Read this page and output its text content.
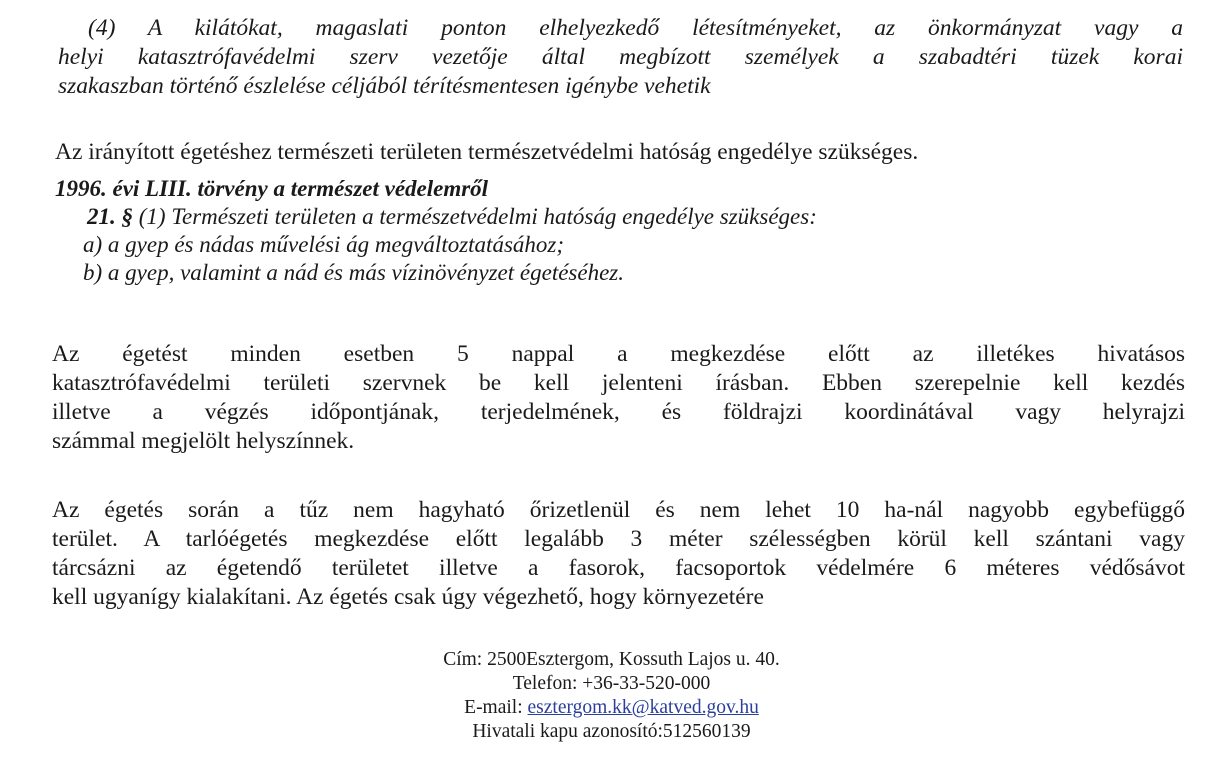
(4) A kilátókat, magaslati ponton elhelyezkedő létesítményeket, az önkormányzat vagy a

helyi katasztrófavédelmi szerv vezetője által megbízott személyek a szabadtéri tüzek korai

szakaszban történő észlelése céljából térítésmentesen igénybe vehetik

Az irányított égetéshez természeti területen természetvédelmi hatóság engedélye szükséges.

1996. évi LIII. törvény a természet védelemről

21. § (1) Természeti területen a természetvédelmi hatóság engedélye szükséges:

a) a gyep és nádas művelési ág megváltoztatásához;

b) a gyep, valamint a nád és más vízinövényzet égetéséhez.

Az égetést minden esetben 5 nappal a megkezdése előtt az illetékes hivatásos

katasztrófavédelmi területi szervnek be kell jelenteni írásban. Ebben szerepelnie kell kezdés

illetve a végzés időpontjának, terjedelmének, és földrajzi koordinátával vagy helyrajzi

számmal megjelölt helyszínnek.

Az égetés során a tűz nem hagyható őrizetlenül és nem lehet 10 ha-nál nagyobb egybefüggő

terület. A tarlóégetés megkezdése előtt legalább 3 méter szélességben körül kell szántani vagy

tárcsázni az égetendő területet illetve a fasorok, facsoportok védelmére 6 méteres védősávot

kell ugyanígy kialakítani. Az égetés csak úgy végezhető, hogy környezetére

Cím: 2500Esztergom, Kossuth Lajos u. 40.
Telefon: +36-33-520-000
E-mail: esztergom.kk@katved.gov.hu
Hivatali kapu azonosító:512560139
